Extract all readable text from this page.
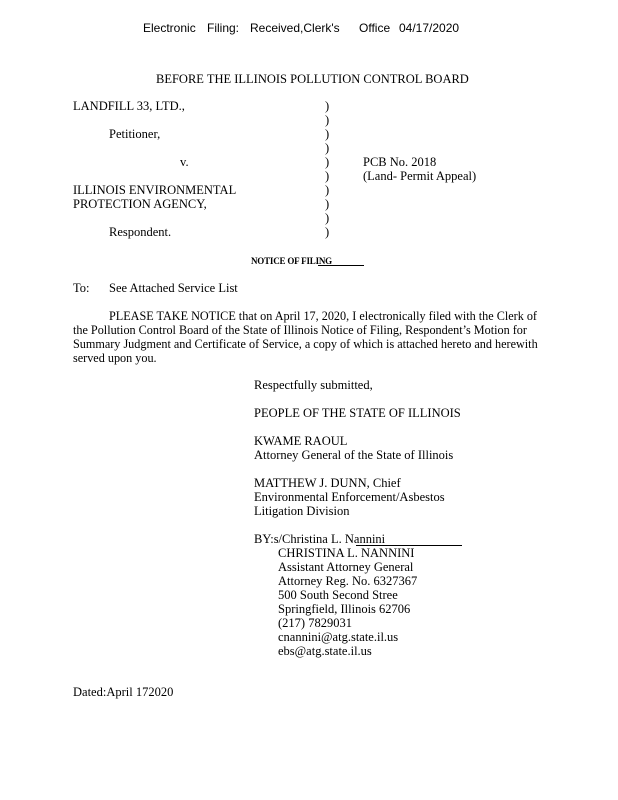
Electronic Filing: Received,Clerk's Office 04/17/2020
BEFORE THE ILLINOIS POLLUTION CONTROL BOARD
LANDFILL 33, LTD.,
Petitioner,
v.
ILLINOIS ENVIRONMENTAL
PROTECTION AGENCY,
Respondent.
)
)
)
)
)
)
)
)
)
)
PCB No. 2018
(Land- Permit Appeal)
NOTICE OF FILING
To: See Attached Service List
PLEASE TAKE NOTICE that on April 17, 2020, I electronically filed with the Clerk of
the Pollution Control Board of the State of Illinois Notice of Filing, Respondent’s Motion for
Summary Judgment and Certificate of Service, a copy of which is attached hereto and herewith
served upon you.
Respectfully submitted,
PEOPLE OF THE STATE OF ILLINOIS
KWAME RAOUL
Attorney General of the State of Illinois
MATTHEW J. DUNN, Chief
Environmental Enforcement/Asbestos
Litigation Division
BY:s/Christina L. Nannini
CHRISTINA L. NANNINI
Assistant Attorney General
Attorney Reg. No. 6327367
500 South Second Stree
Springfield, Illinois 62706
(217) 7829031
cnannini@atg.state.il.us
ebs@atg.state.il.us
Dated:April 172020
